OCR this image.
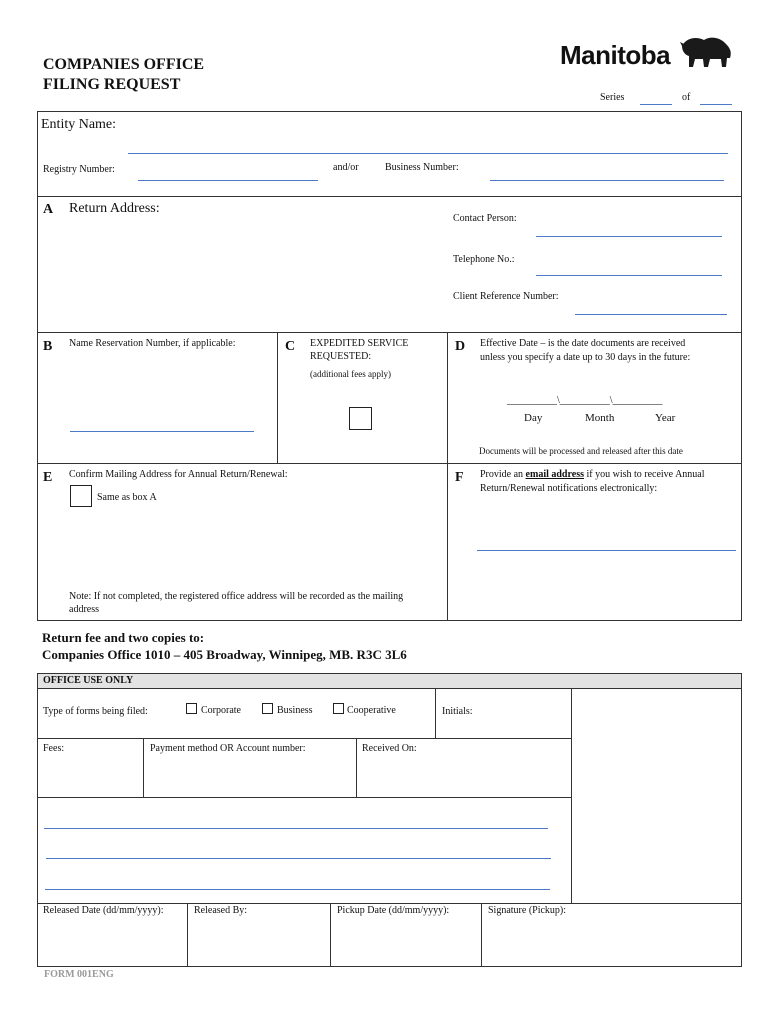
COMPANIES OFFICE
FILING REQUEST
Manitoba
Series	of
Entity Name:
Registry Number:	and/or	Business Number:
A Return Address:
Contact Person:
Telephone No.:
Client Reference Number:
B Name Reservation Number, if applicable:	C EXPEDITED SERVICE
REQUESTED:
(additional fees apply)
D Effective Date – is the date documents are received
unless you specify a date up to 30 days in the future:
__________\__________\__________
Day	Month	Year
Documents will be processed and released after this date
E Confirm Mailing Address for Annual Return/Renewal:
Same as box A
Note: If not completed, the registered office address will be recorded as the mailing
address
F Provide an email address if you wish to receive Annual
Return/Renewal notifications electronically:
Return fee and two copies to:
Companies Office 1010 – 405 Broadway, Winnipeg, MB. R3C 3L6
OFFICE USE ONLY
Type of forms being filed:	Corporate	Business	Cooperative	Initials:
Fees:	Payment method OR Account number:	Received On:
Released Date (dd/mm/yyyy):	Released By:	Pickup Date (dd/mm/yyyy):	Signature (Pickup):
FORM 001ENG
